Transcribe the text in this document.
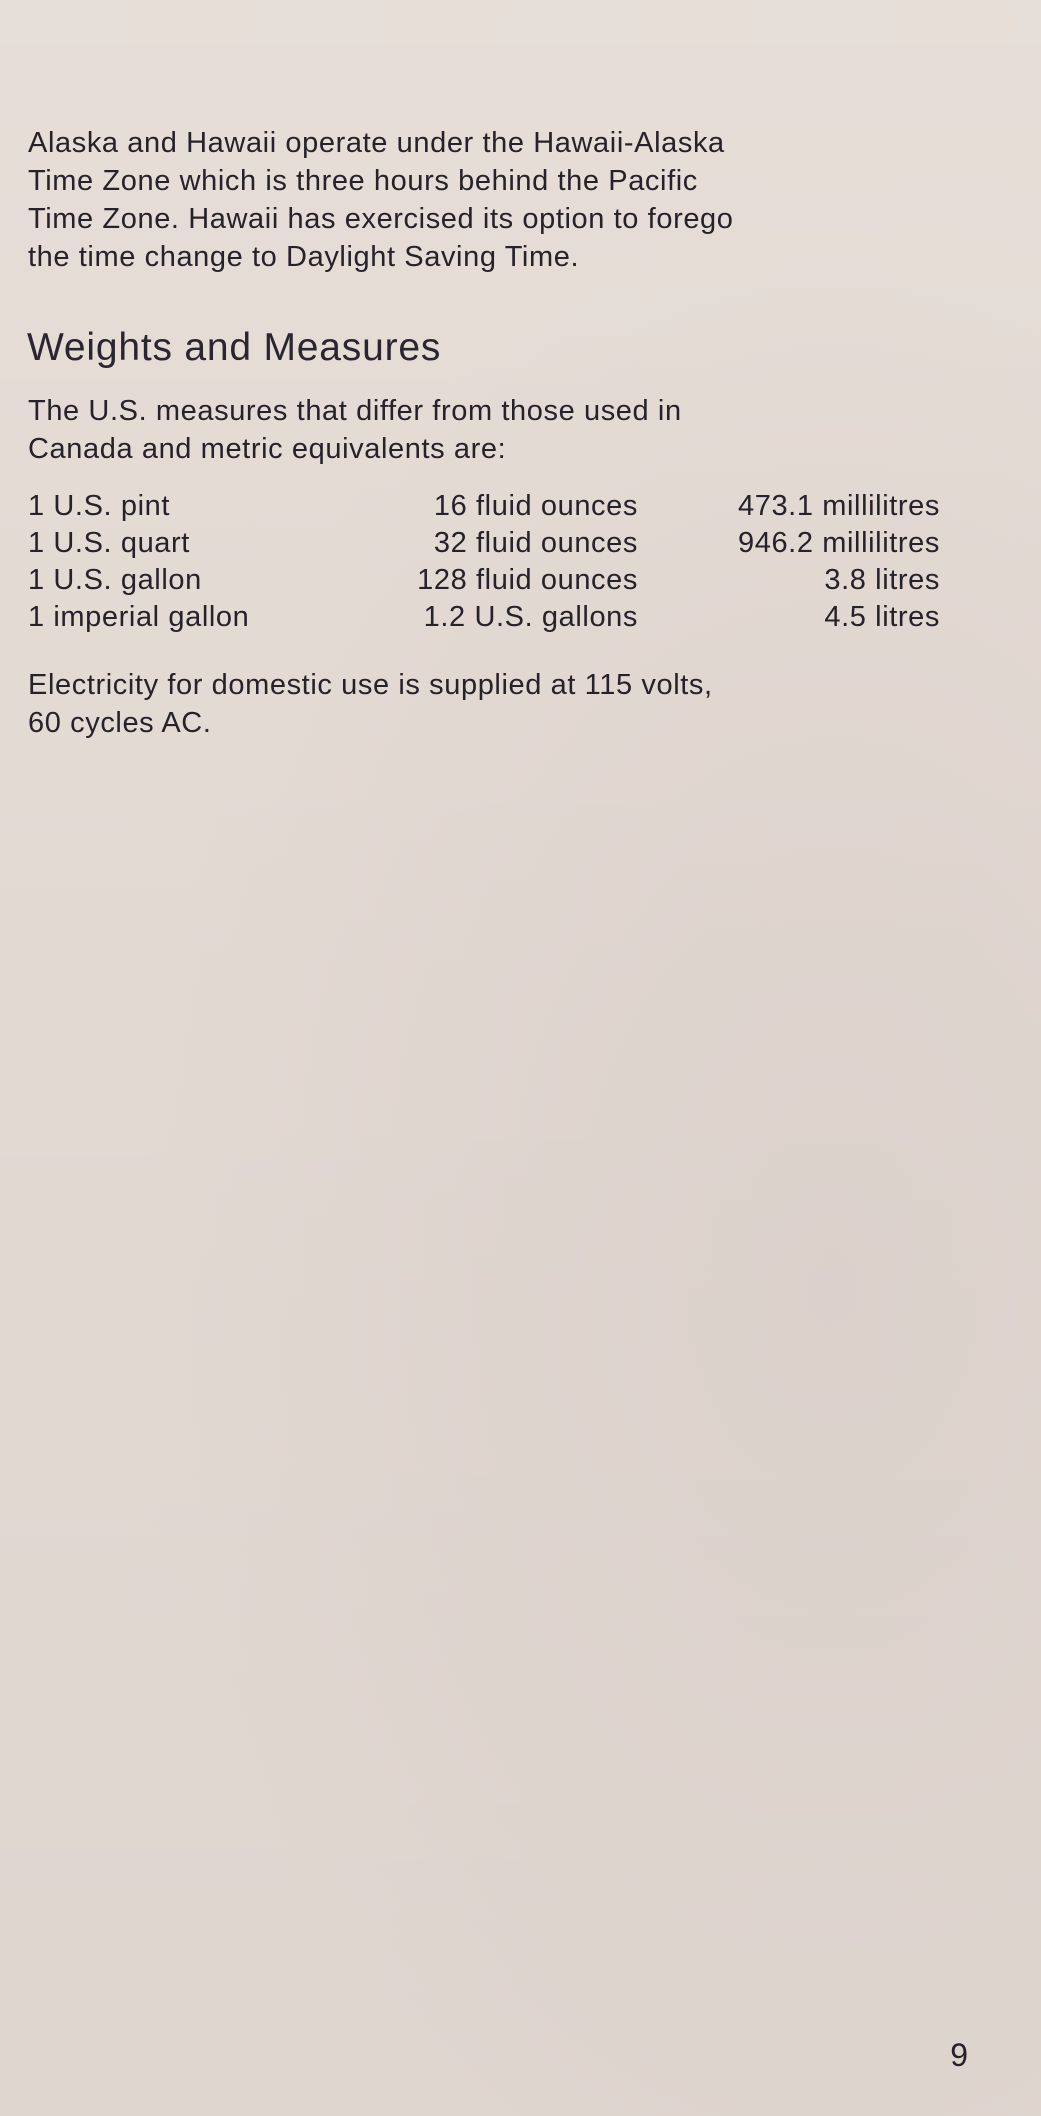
Alaska and Hawaii operate under the Hawaii-Alaska
Time Zone which is three hours behind the Pacific
Time Zone. Hawaii has exercised its option to forego
the time change to Daylight Saving Time.
Weights and Measures
The U.S. measures that differ from those used in
Canada and metric equivalents are:
1 U.S. pint	16 fluid ounces	473.1 millilitres
1 U.S. quart	32 fluid ounces	946.2 millilitres
1 U.S. gallon	128 fluid ounces	3.8 litres
1 imperial gallon	1.2 U.S. gallons	4.5 litres
Electricity for domestic use is supplied at 115 volts,
60 cycles AC.
9
